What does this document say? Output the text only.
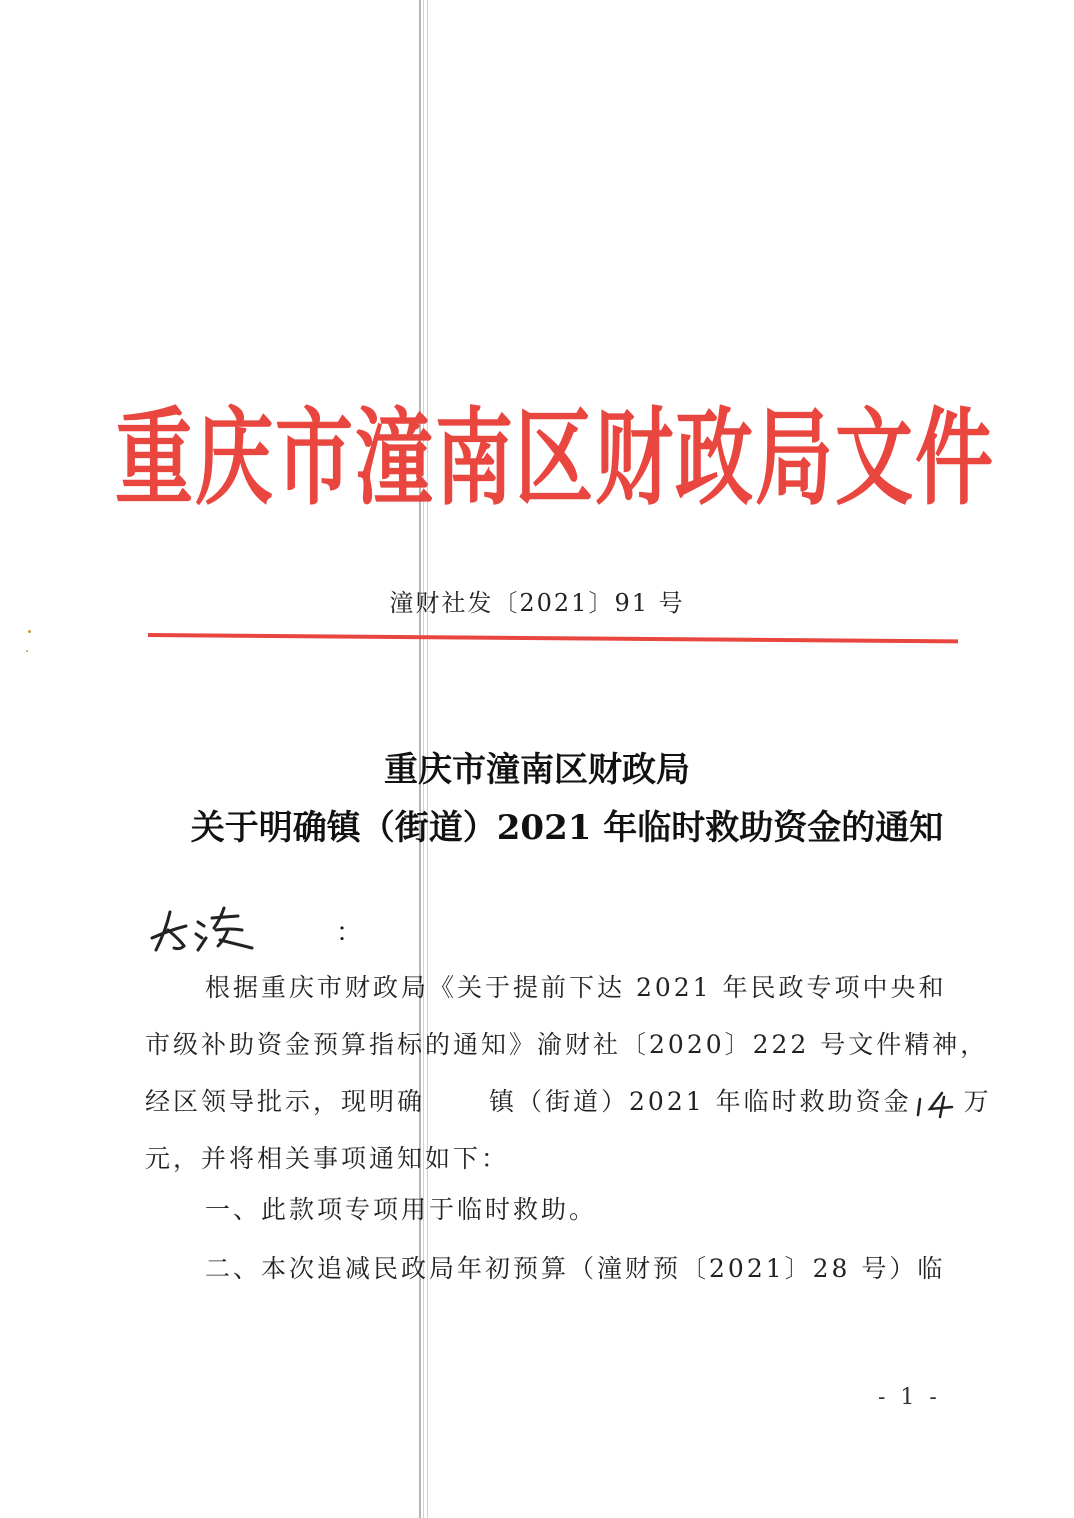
重庆市潼南区财政局文件
潼财社发〔2021〕91 号
重庆市潼南区财政局
关于明确镇（街道）2021 年临时救助资金的通知
：
根据重庆市财政局《关于提前下达 2021 年民政专项中央和
市级补助资金预算指标的通知》渝财社〔2020〕222 号文件精神，
经区领导批示，现明确	镇（街道）2021 年临时救助资金 万
元，并将相关事项通知如下：
一、此款项专项用于临时救助。
二、本次追减民政局年初预算（潼财预〔2021〕28 号）临
- 1 -
